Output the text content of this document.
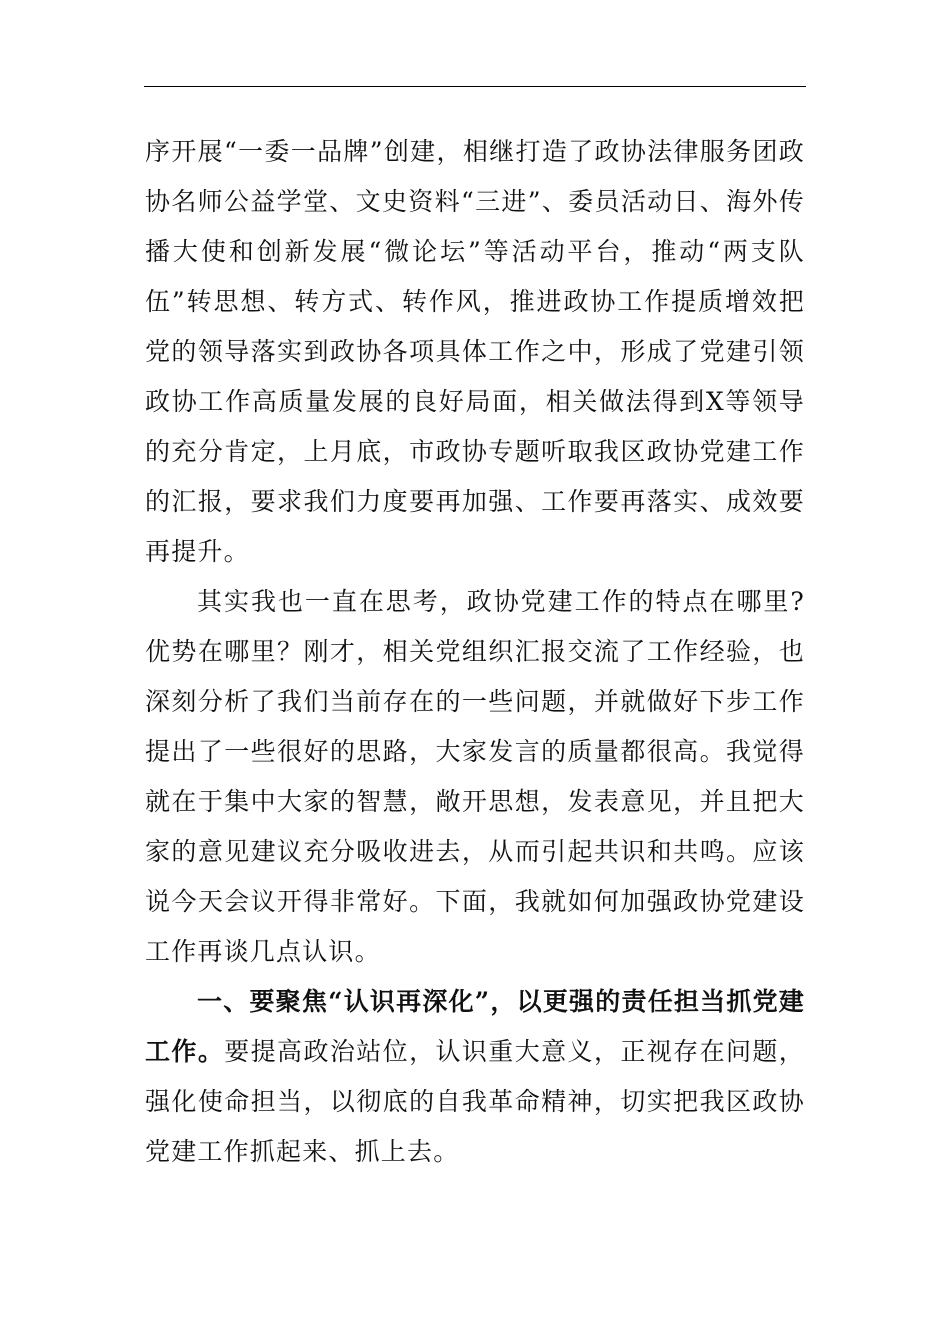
序开展“一委一品牌”创建，相继打造了政协法律服务团政协名师公益学堂、文史资料“三进”、委员活动日、海外传播大使和创新发展“微论坛”等活动平台，推动“两支队伍”转思想、转方式、转作风，推进政协工作提质增效把党的领导落实到政协各项具体工作之中，形成了党建引领政协工作高质量发展的良好局面，相关做法得到X等领导的充分肯定，上月底，市政协专题听取我区政协党建工作的汇报，要求我们力度要再加强、工作要再落实、成效要再提升。

其实我也一直在思考，政协党建工作的特点在哪里?优势在哪里？刚才，相关党组织汇报交流了工作经验，也深刻分析了我们当前存在的一些问题，并就做好下步工作提出了一些很好的思路，大家发言的质量都很高。我觉得就在于集中大家的智慧，敞开思想，发表意见，并且把大家的意见建议充分吸收进去，从而引起共识和共鸣。应该说今天会议开得非常好。下面，我就如何加强政协党建设工作再谈几点认识。

一、要聚焦“认识再深化”，以更强的责任担当抓党建工作。要提高政治站位，认识重大意义，正视存在问题，强化使命担当，以彻底的自我革命精神，切实把我区政协党建工作抓起来、抓上去。
